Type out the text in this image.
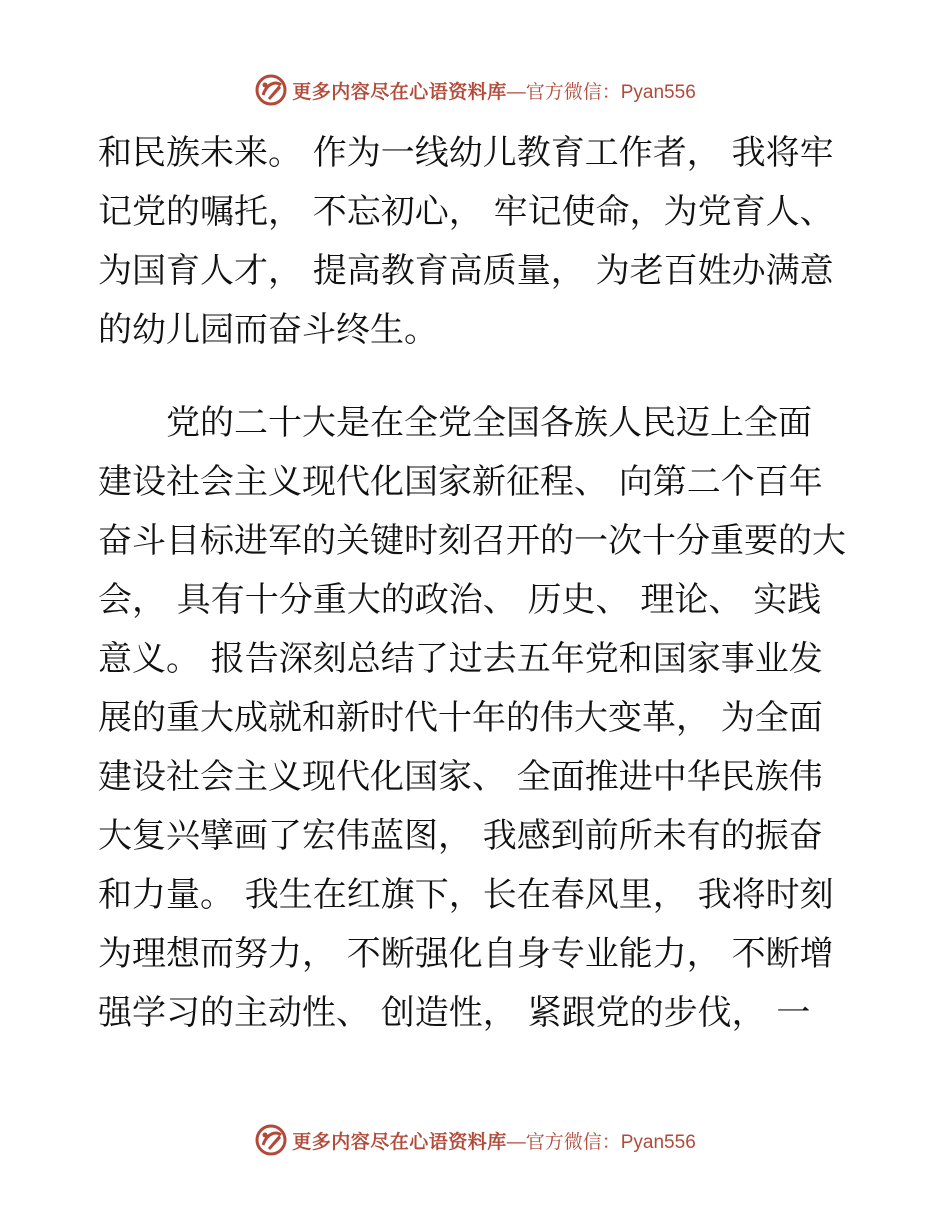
更多内容尽在心语资料库 —官方微信：Pyan556
和民族未来。 作为一线幼儿教育工作者， 我将牢
记党的嘱托， 不忘初心， 牢记使命，为党育人、
为国育人才， 提高教育高质量， 为老百姓办满意
的幼儿园而奋斗终生。
　　党的二十大是在全党全国各族人民迈上全面
建设社会主义现代化国家新征程、 向第二个百年
奋斗目标进军的关键时刻召开的一次十分重要的大
会， 具有十分重大的政治、 历史、 理论、 实践
意义。 报告深刻总结了过去五年党和国家事业发
展的重大成就和新时代十年的伟大变革， 为全面
建设社会主义现代化国家、 全面推进中华民族伟
大复兴擘画了宏伟蓝图， 我感到前所未有的振奋
和力量。 我生在红旗下，长在春风里， 我将时刻
为理想而努力， 不断强化自身专业能力， 不断增
强学习的主动性、 创造性， 紧跟党的步伐， 一
更多内容尽在心语资料库 —官方微信：Pyan556
